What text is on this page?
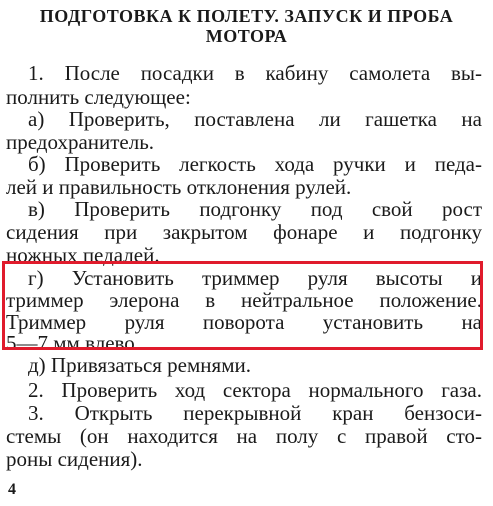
ПОДГОТОВКА К ПОЛЕТУ. ЗАПУСК И ПРОБА
МОТОРА
1. После посадки в кабину самолета вы-
полнить следующее:
а) Проверить, поставлена ли гашетка на
предохранитель.
б) Проверить легкость хода ручки и педа-
лей и правильность отклонения рулей.
в) Проверить подгонку под свой рост
сидения при закрытом фонаре и подгонку
ножных педалей.
г) Установить триммер руля высоты и
триммер элерона в нейтральное положение.
Триммер руля поворота установить на
5—7 мм влево.
д) Привязаться ремнями.
2. Проверить ход сектора нормального газа.
3. Открыть перекрывной кран бензоси-
стемы (он находится на полу с правой сто-
роны сидения).
4
